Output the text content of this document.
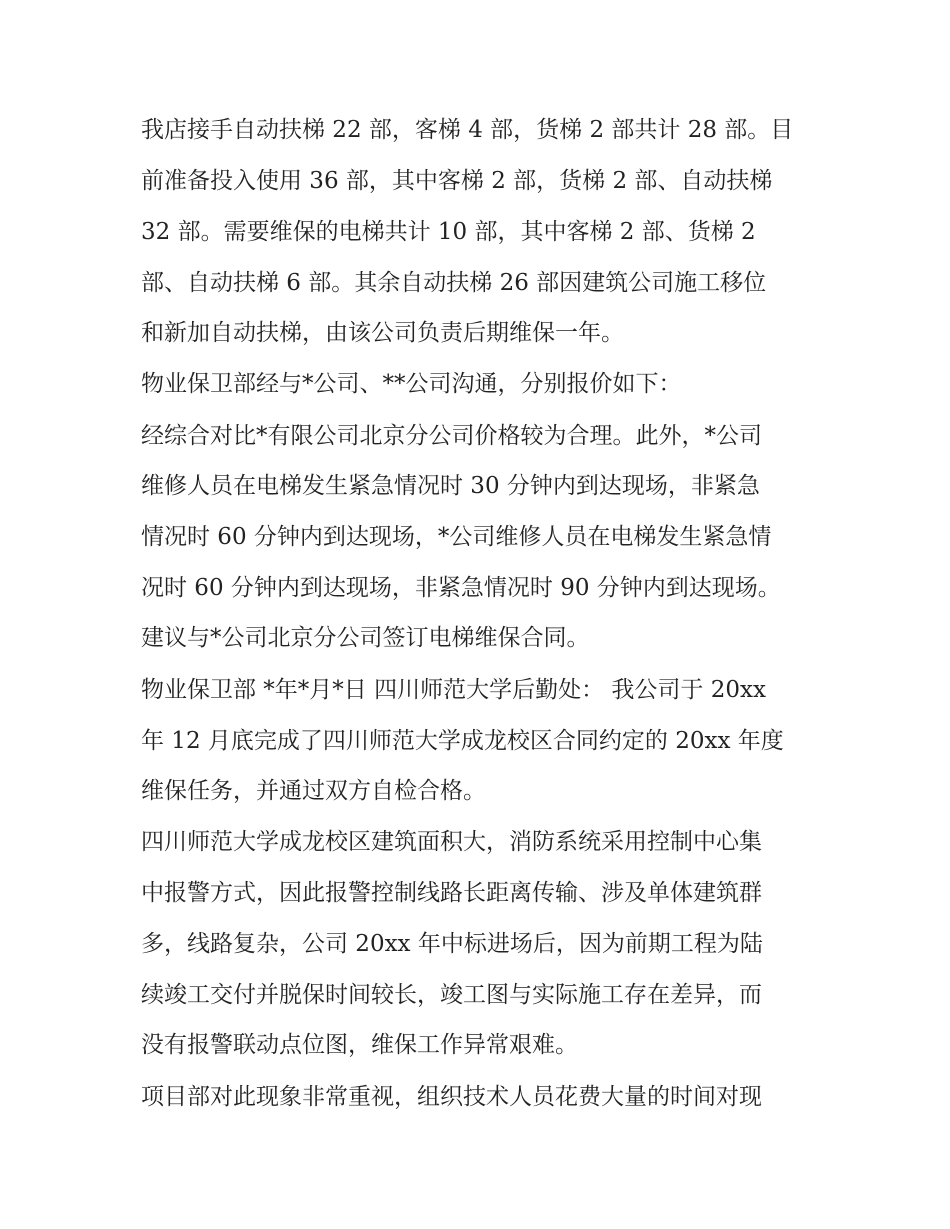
我店接手自动扶梯 22 部，客梯 4 部，货梯 2 部共计 28 部。目
前准备投入使用 36 部，其中客梯 2 部，货梯 2 部、自动扶梯
32 部。需要维保的电梯共计 10 部，其中客梯 2 部、货梯 2
部、自动扶梯 6 部。其余自动扶梯 26 部因建筑公司施工移位
和新加自动扶梯，由该公司负责后期维保一年。
物业保卫部经与*公司、**公司沟通，分别报价如下：
经综合对比*有限公司北京分公司价格较为合理。此外，*公司
维修人员在电梯发生紧急情况时 30 分钟内到达现场，非紧急
情况时 60 分钟内到达现场，*公司维修人员在电梯发生紧急情
况时 60 分钟内到达现场，非紧急情况时 90 分钟内到达现场。
建议与*公司北京分公司签订电梯维保合同。
物业保卫部 *年*月*日 四川师范大学后勤处： 我公司于 20xx
年 12 月底完成了四川师范大学成龙校区合同约定的 20xx 年度
维保任务，并通过双方自检合格。
四川师范大学成龙校区建筑面积大，消防系统采用控制中心集
中报警方式，因此报警控制线路长距离传输、涉及单体建筑群
多，线路复杂，公司 20xx 年中标进场后，因为前期工程为陆
续竣工交付并脱保时间较长，竣工图与实际施工存在差异，而
没有报警联动点位图，维保工作异常艰难。
项目部对此现象非常重视，组织技术人员花费大量的时间对现
